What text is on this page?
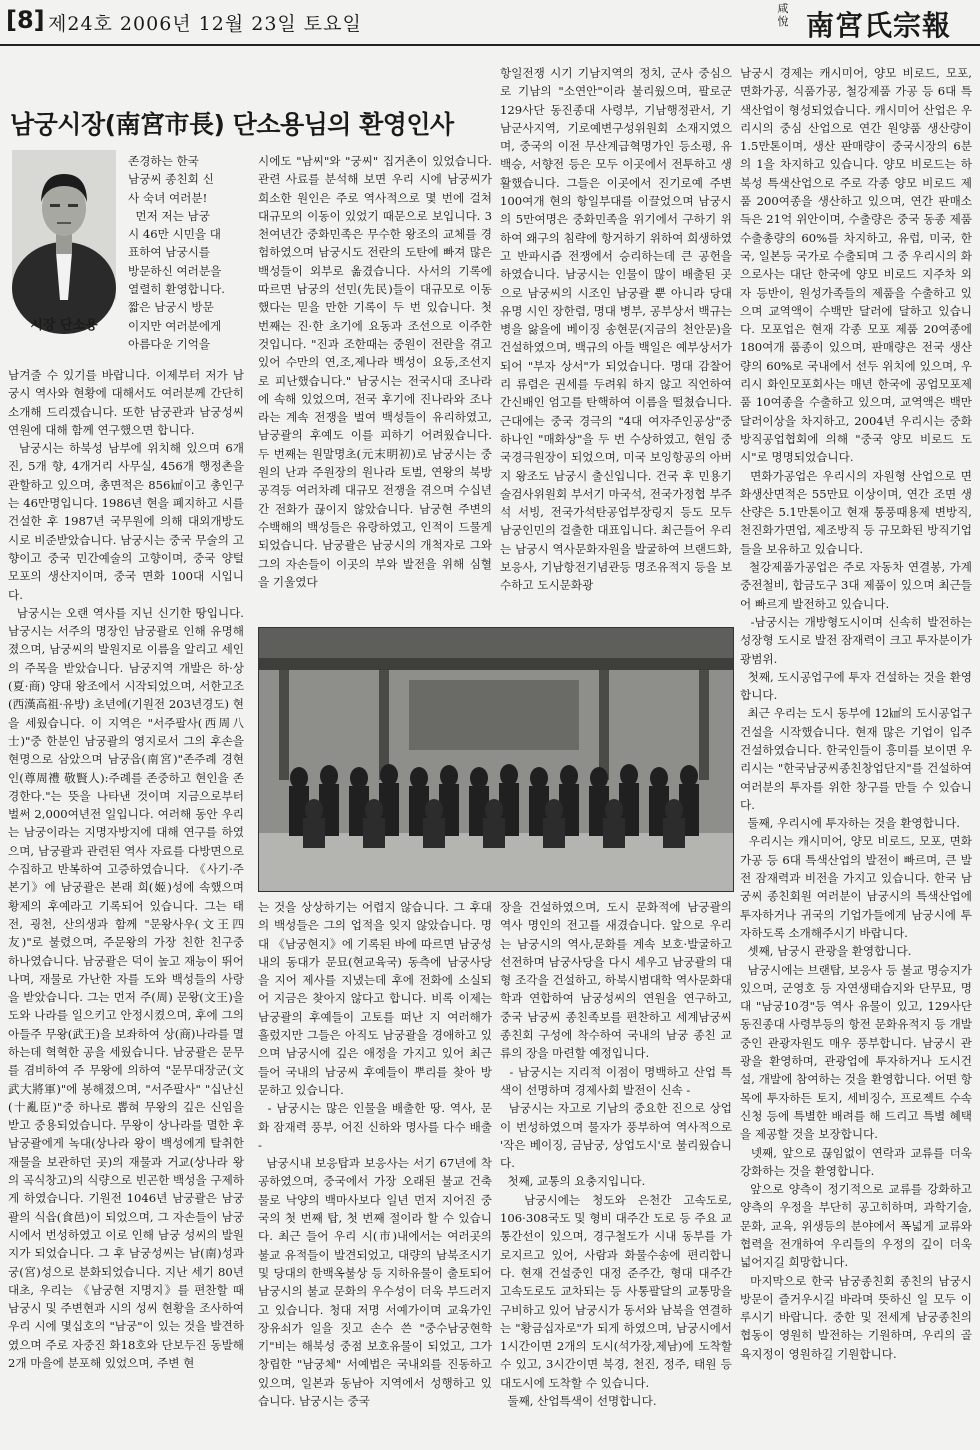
[8] 제24호 2006년 12월 23일 토요일
咸悅 南宮氏宗報
남궁시장(南宮市長) 단소용님의 환영인사
시장 단소용
존경하는 한국
남궁씨 종친회 신
사 숙녀 여러분!
먼저 저는 남궁
시 46만 시민을 대
표하여 남궁시를
방문하신 여러분을
열렬히 환영합니다.
짧은 남궁시 방문
이지만 여러분에게
아름다운 기억을
남겨줄 수 있기를 바랍니다. 이제부터 저가 남궁시 역사와 현황에 대해서도 여러분께 간단히 소개해 드리겠습니다. 또한 남궁관과 남궁성씨 연원에 대해 함께 연구했으면 합니다.
남궁시는 하북성 남부에 위치해 있으며 6개 진, 5개 향, 4개거리 사무실, 456개 행정촌을 관할하고 있으며, 총면적은 856㎢이고 총인구는 46만명입니다. 1986년 현을 폐지하고 시를 건설한 후 1987년 국무원에 의해 대외개방도시로 비준받았습니다. 남궁시는 중국 무술의 고향이고 중국 민간예술의 고향이며, 중국 양털 모포의 생산지이며, 중국 면화 100대 시입니다.
남궁시는 오랜 역사를 지닌 신기한 땅입니다. 남궁시는 서주의 명장인 남궁괄로 인해 유명해졌으며, 남궁씨의 발원지로 이름을 알리고 세인의 주목을 받았습니다. 남궁지역 개발은 하·상(夏·商) 양대 왕조에서 시작되었으며, 서한고조(西漢高祖·유방) 초년에(기원전 203년경도) 현을 세웠습니다. 이 지역은 "서주팔사(西周八士)"중 한분인 남궁괄의 영지로서 그의 후손을 현명으로 삼았으며 남궁읍(南宮)"존주례 경현인(尊周禮 敬賢人):주례를 존중하고 현인을 존경한다."는 뜻을 나타낸 것이며 지금으로부터 벌써 2,000여년전 일입니다. 여러해 동안 우리는 남궁이라는 지명자방지에 대해 연구를 하였으며, 남궁괄과 관련된 역사 자료를 다방면으로 수집하고 반복하여 고증하였습니다. 《사기·주본기》에 남궁괄은 본래 희(姬)성에 속했으며 황제의 후예라고 기록되어 있습니다. 그는 태전, 굉천, 산의생과 함께 "문왕사우(文王四友)"로 불렸으며, 주문왕의 가장 친한 친구중 하나였습니다. 남궁괄은 덕이 높고 재능이 뛰어나며, 재물로 가난한 자를 도와 백성들의 사랑을 받았습니다. 그는 먼저 주(周) 문왕(文王)을 도와 나라를 일으키고 안정시켰으며, 후에 그의 아들주 무왕(武王)을 보좌하여 상(商)나라를 멸하는데 혁혁한 공을 세웠습니다. 남궁괄은 문무를 겸비하여 주 무왕에 의하여 "문무대장군(文武大將軍)"에 봉해졌으며, "서주팔사" "십난신(十亂臣)"중 하나로 뽑혀 무왕의 깊은 신임을 받고 중용되었습니다. 무왕이 상나라를 멸한 후 남궁괄에게 녹대(상나라 왕이 백성에게 탈취한 재물을 보관하던 곳)의 재물과 거교(상나라 왕의 곡식창고)의 식량으로 빈곤한 백성을 구제하게 하였습니다. 기원전 1046년 남궁괄은 남궁괄의 식읍(食邑)이 되었으며, 그 자손들이 남궁시에서 번성하였고 이로 인해 남궁 성씨의 발원지가 되었습니다. 그 후 남궁성씨는 남(南)성과 궁(宮)성으로 분화되었습니다. 지난 세기 80년대초, 우리는 《남궁현 지명지》를 편찬할 때 남궁시 및 주변현과 시의 성씨 현황을 조사하여 우리 시에 몇십호의 "남궁"이 있는 것을 발견하였으며 주로 자중진 화18호와 단보두진 동발해 2개 마을에 분포해 있었으며, 주변 현
시에도 "남씨"와 "궁씨" 집거촌이 있었습니다. 관련 사료를 분석해 보면 우리 시에 남궁씨가 희소한 원인은 주로 역사적으로 몇 번에 걸쳐 대규모의 이동이 있었기 때문으로 보입니다. 3천여년간 중화민족은 무수한 왕조의 교체를 경험하였으며 남궁시도 전란의 도탄에 빠져 많은 백성들이 외부로 옮겼습니다. 사서의 기록에 따르면 남궁의 선민(先民)들이 대규모로 이동했다는 믿을 만한 기록이 두 번 있습니다. 첫 번째는 진·한 초기에 요동과 조선으로 이주한 것입니다. "진과 조한때는 중원이 전란을 겪고 있어 수만의 연,조,제나라 백성이 요동,조선지로 피난했습니다." 남궁시는 전국시대 조나라에 속해 있었으며, 전국 후기에 진나라와 조나라는 계속 전쟁을 벌여 백성들이 유리하였고, 남궁괄의 후예도 이를 피하기 어려웠습니다. 두 번째는 원말명초(元末明初)로 남궁시는 중원의 난과 주원장의 원나라 토벌, 연왕의 북방 공격등 여러차례 대규모 전쟁을 겪으며 수십년간 전화가 끊이지 않았습니다. 남궁현 주변의 수백해의 백성들은 유랑하였고, 인적이 드물게 되었습니다. 남궁괄은 남궁시의 개척자로 그와 그의 자손들이 이곳의 부와 발전을 위해 심혈을 기울였다
항일전쟁 시기 기남지역의 정치, 군사 중심으로 기남의 "소연안"이라 불리웠으며, 팔로군129사단 동진종대 사령부, 기남행정관서, 기남군사지역, 기로예변구성위원회 소재지였으며, 중국의 이전 무산계급혁명가인 등소평, 유백승, 서향전 등은 모두 이곳에서 전투하고 생활했습니다. 그들은 이곳에서 진기로예 주변 100여개 현의 항일부대를 이끌었으며 남궁시의 5만여명은 중화민족을 위기에서 구하기 위하여 왜구의 침략에 항거하기 위하여 희생하였고 반파시즘 전쟁에서 승리하는데 큰 공헌을 하였습니다. 남궁시는 인물이 많이 배출된 곳으로 남궁씨의 시조인 남궁괄 뿐 아니라 당대 유명 시인 장한렴, 명대 병부, 공부상서 백규는 병을 앓을에 베이징 송현문(지금의 천안문)을 건설하였으며, 백규의 아들 백일은 예부상서가 되어 "부자 상서"가 되었습니다. 명대 감찰어리 류렴은 권세를 두려워 하지 않고 직언하여 간신배인 엄고를 탄핵하여 이름을 떨쳤습니다. 근대에는 중국 경극의 "4대 여자주인공상"중 하나인 "매화상"을 두 번 수상하였고, 현임 중국경극원장이 되었으며, 미국 보잉항공의 아버지 왕조도 남궁시 출신입니다. 건국 후 민용기술검사위원회 부서기 마국석, 전국가정협 부주석 서빙, 전국가석탄공업부장링지 등도 모두 남궁인민의 걸출한 대표입니다. 최근들어 우리는 남궁시 역사문화자원을 발굴하여 브랜드화, 보응사, 기남항전기념관등 명조유적지 등을 보수하고 도시문화광
남궁시 경제는 캐시미어, 양모 비로드, 모포, 면화가공, 식품가공, 철강제품 가공 등 6대 특색산업이 형성되었습니다. 캐시미어 산업은 우리시의 중심 산업으로 연간 원양품 생산량이 1.5만톤이며, 생산 판매량이 중국시장의 6분의 1을 차지하고 있습니다. 양모 비로드는 하북성 특색산업으로 주로 각종 양모 비로드 제품 200여종을 생산하고 있으며, 연간 판매소득은 21억 위안이며, 수출량은 중국 동종 제품 수출총량의 60%를 차지하고, 유럽, 미국, 한국, 일본등 국가로 수출되며 그 중 우리시의 화으로사는 대단 한국에 양모 비로드 지주차 외자 등반이, 원성가족들의 제품을 수출하고 있으며 교역액이 수백만 달러에 달하고 있습니다. 모포업은 현재 각종 모포 제품 20여종에 180여개 품종이 있으며, 판매량은 전국 생산량의 60%로 국내에서 선두 위치에 있으며, 우리시 화인모포회사는 매년 한국에 공업모포제품 10여종을 수출하고 있으며, 교역액은 백만 달러이상을 차지하고, 2004년 우리시는 중화방직공업협회에 의해 "중국 양모 비로드 도시"로 명명되었습니다.
면화가공업은 우리시의 자원형 산업으로 면화생산면적은 55만묘 이상이며, 연간 조면 생산량은 5.1만톤이고 현재 통풍때용제 변방직, 천진화가면업, 제조방직 등 규모화된 방직기업들을 보유하고 있습니다.
철강제품가공업은 주로 자동차 연결봉, 가계중전철비, 합금도구 3대 제품이 있으며 최근들어 빠르게 발전하고 있습니다.
-남궁시는 개방형도시이며 신속히 발전하는 성장형 도시로 발전 잠재력이 크고 투자분이가 광범위.
첫째, 도시공업구에 투자 건설하는 것을 환영합니다.
최근 우리는 도시 동부에 12㎢의 도시공업구 건설을 시작했습니다. 현재 많은 기업이 입주 건설하였습니다. 한국인들이 흥미를 보이면 우리시는 "한국남궁씨종친창업단지"를 건설하여 여러분의 투자를 위한 창구를 만들 수 있습니다.
둘째, 우리시에 투자하는 것을 환영합니다.
우리시는 캐시미어, 양모 비로드, 모포, 면화가공 등 6대 특색산업의 발전이 빠르며, 큰 발전 잠재력과 비전을 가지고 있습니다. 한국 남궁씨 종친회원 여러분이 남궁시의 특색산업에 투자하거나 귀국의 기업가들에게 남궁시에 투자하도록 소개해주시기 바랍니다.
셋째, 남궁시 관광을 환영합니다.
남궁시에는 브랜탑, 보응사 등 불교 명승지가 있으며, 군영호 등 자연생태습지와 단무묘, 명대 "남궁10경"등 역사 유물이 있고, 129사단 동진종대 사령부등의 항전 문화유적지 등 개발중인 관광자원도 매우 풍부합니다. 남궁시 관광을 환영하며, 관광업에 투자하거나 도시건설, 개발에 참여하는 것을 환영합니다. 어떤 항목에 투자하든 토지, 세비징수, 프로젝트 수속신청 등에 특별한 배려를 해 드리고 특별 혜택을 제공할 것을 보장합니다.
넷째, 앞으로 끊임없이 연락과 교류를 더욱 강화하는 것을 환영합니다.
앞으로 양측이 정기적으로 교류를 강화하고 양측의 우정을 부단히 공고히하며, 과학기술, 문화, 교육, 위생등의 분야에서 폭넓게 교류와 협력을 전개하여 우리들의 우정의 깊이 더욱 넓어지길 희망합니다.
마지막으로 한국 남궁종친회 종친의 남궁시 방문이 즐거우시길 바라며 뜻하신 일 모두 이루시기 바랍니다. 중한 및 전세계 남궁종친의 협동이 영원히 발전하는 기원하며, 우리의 골육지정이 영원하길 기원합니다.
는 것을 상상하기는 어렵지 않습니다. 그 후대의 백성들은 그의 업적을 잊지 않았습니다. 명대 《남궁현지》에 기록된 바에 따르면 남궁성내의 동대가 문묘(현교육국) 동측에 남궁사당을 지어 제사를 지냈는데 후에 전화에 소실되어 지금은 찾아지 않다고 합니다. 비록 이제는 남궁괄의 후예들이 고토를 떠난 지 여러해가 흘렀지만 그들은 아직도 남궁괄을 경애하고 있으며 남궁시에 깊은 애정을 가지고 있어 최근들어 국내의 남궁씨 후예들이 뿌리를 찾아 방문하고 있습니다.
- 남궁시는 많은 인물을 배출한 땅. 역사, 문화 잠재력 풍부, 어진 신하와 명사를 다수 배출 -
남궁시내 보응탑과 보응사는 서기 67년에 착공하였으며, 중국에서 가장 오래된 불교 건축물로 낙양의 백마사보다 일년 먼저 지어진 중국의 첫 번째 탑, 첫 번째 절이라 할 수 있습니다. 최근 들어 우리 시(市)내에서는 여러곳의 불교 유적들이 발견되었고, 대량의 남북조시기 및 당대의 한백옥불상 등 지하유물이 출토되어 남궁시의 불교 문화의 우수성이 더욱 부드러지고 있습니다. 청대 저명 서예가이며 교육가인 장유쇠가 일을 짓고 손수 쓴 "중수남궁현학기"비는 해북성 중점 보호유물이 되었고, 그가 창립한 "남궁체" 서예법은 국내외를 진동하고 있으며, 일본과 동남아 지역에서 성행하고 있습니다. 남궁시는 중국
장을 건설하였으며, 도시 문화적에 남궁괄의 역사 명인의 전고를 새겼습니다. 앞으로 우리는 남궁시의 역사,문화를 계속 보호·발굴하고 선전하며 남궁사당을 다시 세우고 남궁괄의 대형 조각을 건설하고, 하북시범대학 역사문화대학과 연합하여 남궁성씨의 연원을 연구하고, 중국 남궁씨 종친족보를 편찬하고 세계남궁씨 종친회 구성에 착수하여 국내의 남궁 종친 교류의 장을 마련할 예정입니다.
- 남궁시는 지리적 이점이 명백하고 산업 특색이 선명하며 경제사회 발전이 신속 -
남궁시는 자고로 기남의 중요한 진으로 상업이 번성하였으며 물자가 풍부하여 역사적으로 '작은 베이징, 금남궁, 상업도시'로 불리웠습니다.
첫째, 교통의 요충지입니다.
남궁시에는 청도와 은천간 고속도로, 106·308국도 및 형비 대주간 도로 등 주요 교통간선이 있으며, 경구철도가 시내 동부를 가로지르고 있어, 사람과 화물수송에 편리합니다. 현재 건설중인 대정 준주간, 형대 대주간 고속도로도 교차되는 등 사통팔달의 교통망을 구비하고 있어 남궁시가 동서와 남북을 연결하는 "황금십자로"가 되게 하였으며, 남궁시에서 1시간이면 2개의 도시(석가장,제남)에 도착할 수 있고, 3시간이면 북경, 천진, 정주, 태원 등 대도시에 도착할 수 있습니다.
둘째, 산업특색이 선명합니다.
